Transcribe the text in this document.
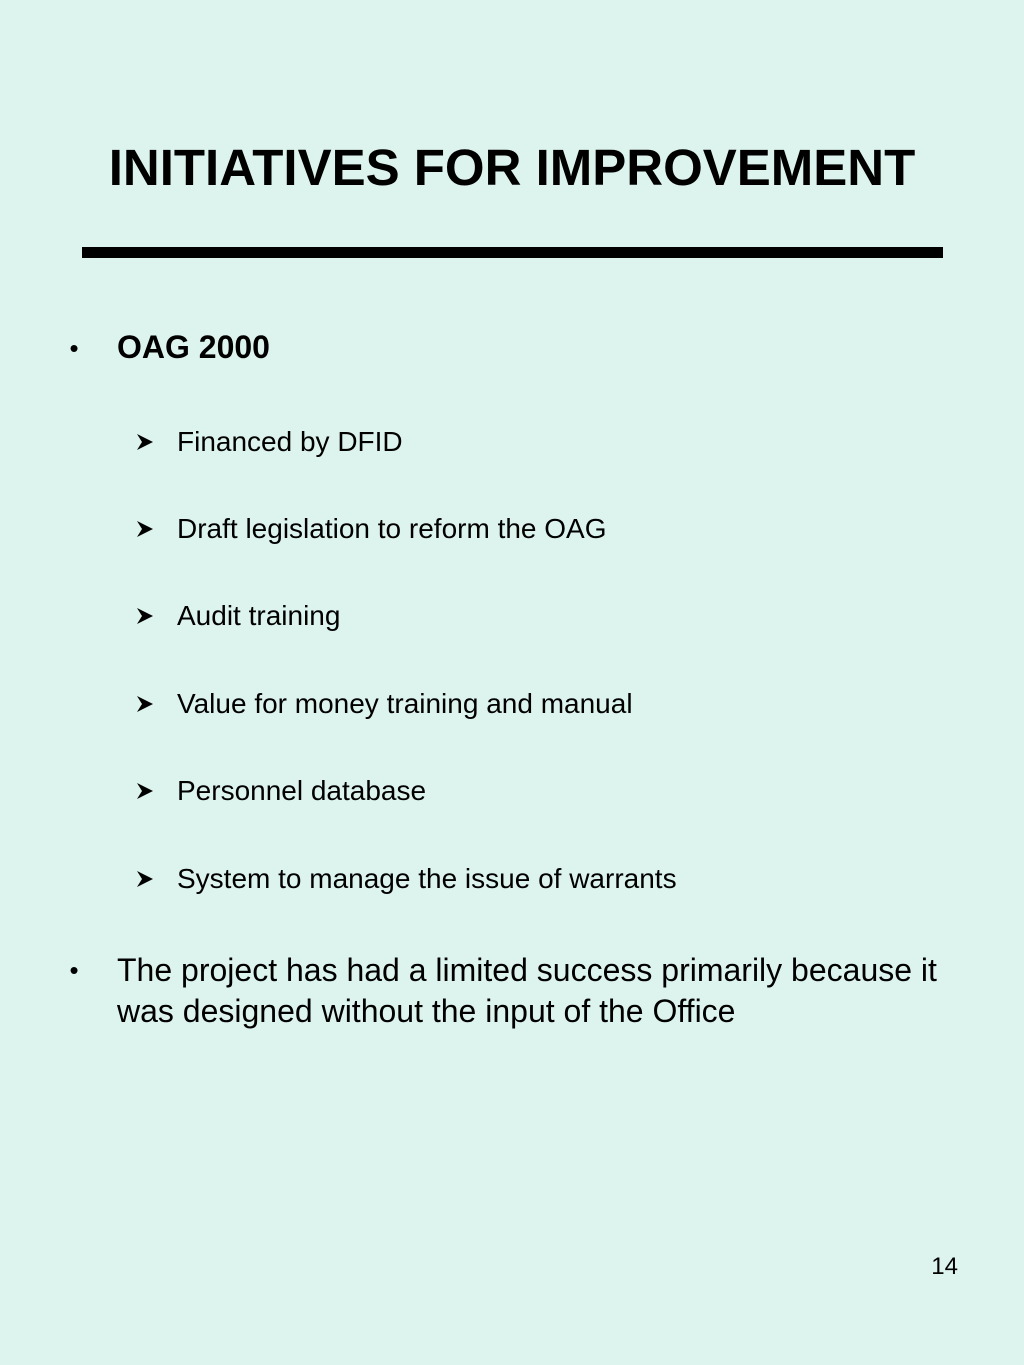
INITIATIVES FOR IMPROVEMENT
• OAG 2000
Financed by DFID
Draft legislation to reform the OAG
Audit training
Value for money training and manual
Personnel database
System to manage the issue of warrants
• The project has had a limited success primarily because it was designed without the input of the Office
14
